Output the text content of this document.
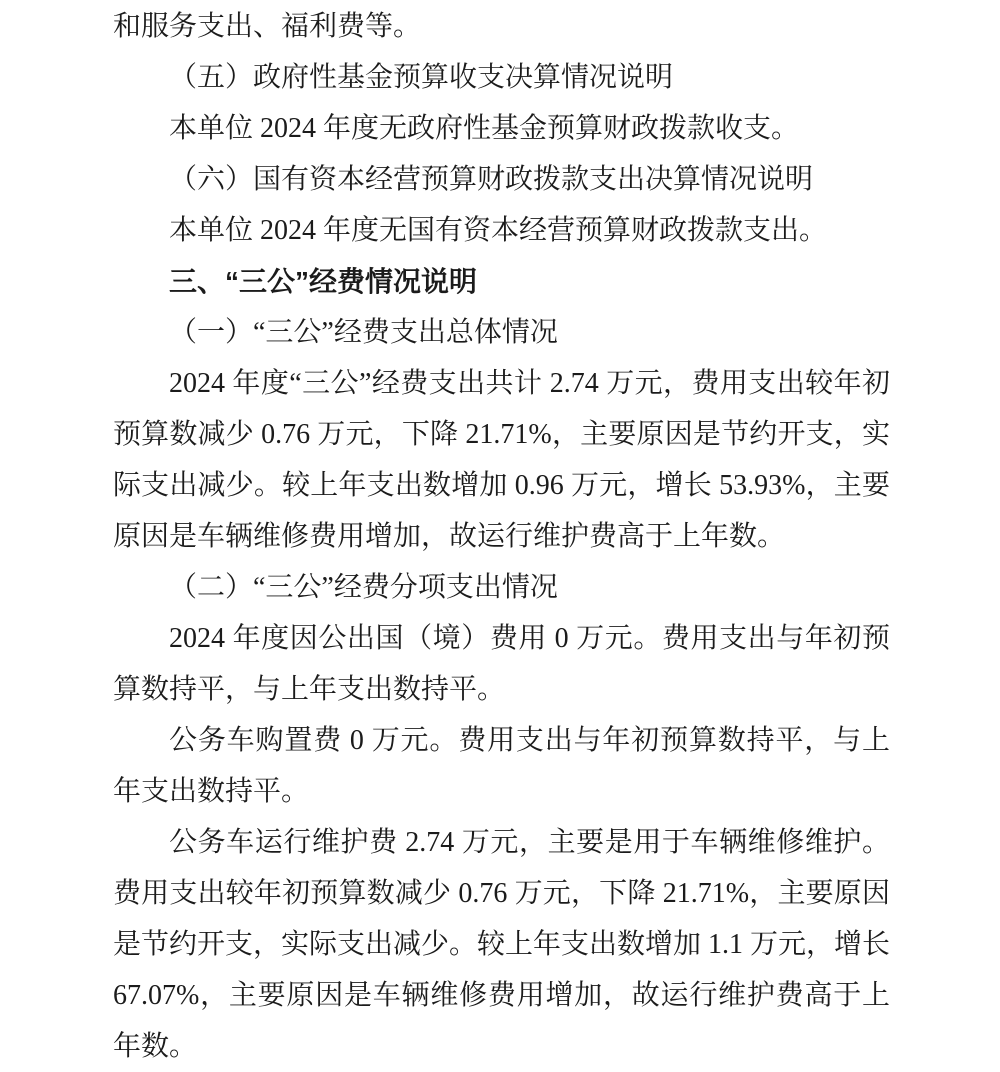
和服务支出、福利费等。

（五）政府性基金预算收支决算情况说明

本单位 2024 年度无政府性基金预算财政拨款收支。

（六）国有资本经营预算财政拨款支出决算情况说明

本单位 2024 年度无国有资本经营预算财政拨款支出。

三、“三公”经费情况说明

（一）“三公”经费支出总体情况

2024 年度“三公”经费支出共计 2.74 万元，费用支出较年初预算数减少 0.76 万元，下降 21.71%，主要原因是节约开支，实际支出减少。较上年支出数增加 0.96 万元，增长 53.93%，主要原因是车辆维修费用增加，故运行维护费高于上年数。

（二）“三公”经费分项支出情况

2024 年度因公出国（境）费用 0 万元。费用支出与年初预算数持平，与上年支出数持平。

公务车购置费 0 万元。费用支出与年初预算数持平，与上年支出数持平。

公务车运行维护费 2.74 万元，主要是用于车辆维修维护。费用支出较年初预算数减少 0.76 万元，下降 21.71%，主要原因是节约开支，实际支出减少。较上年支出数增加 1.1 万元，增长 67.07%，主要原因是车辆维修费用增加，故运行维护费高于上年数。
